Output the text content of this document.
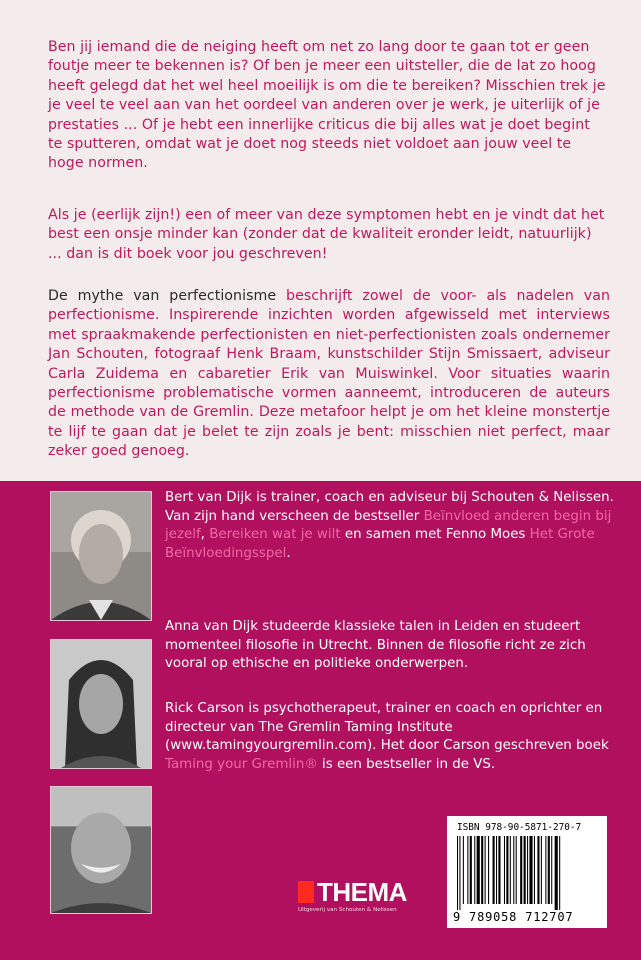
Ben jij iemand die de neiging heeft om net zo lang door te gaan tot er geen foutje meer te bekennen is? Of ben je meer een uitsteller, die de lat zo hoog heeft gelegd dat het wel heel moeilijk is om die te bereiken? Misschien trek je je veel te veel aan van het oordeel van anderen over je werk, je uiterlijk of je prestaties ... Of je hebt een innerlijke criticus die bij alles wat je doet begint te sputteren, omdat wat je doet nog steeds niet voldoet aan jouw veel te hoge normen.

Als je (eerlijk zijn!) een of meer van deze symptomen hebt en je vindt dat het best een onsje minder kan (zonder dat de kwaliteit eronder leidt, natuurlijk) ... dan is dit boek voor jou geschreven!

De mythe van perfectionisme beschrijft zowel de voor- als nadelen van perfectionisme. Inspirerende inzichten worden afgewisseld met interviews met spraakmakende perfectionisten en niet-perfectionisten zoals ondernemer Jan Schouten, fotograaf Henk Braam, kunstschilder Stijn Smissaert, adviseur Carla Zuidema en cabaretier Erik van Muiswinkel. Voor situaties waarin perfectionisme problematische vormen aanneemt, introduceren de auteurs de methode van de Gremlin. Deze metafoor helpt je om het kleine monstertje te lijf te gaan dat je belet te zijn zoals je bent: misschien niet perfect, maar zeker goed genoeg.

Bert van Dijk is trainer, coach en adviseur bij Schouten & Nelissen. Van zijn hand verscheen de bestseller Beïnvloed anderen begin bij jezelf, Bereiken wat je wilt en samen met Fenno Moes Het Grote Beïnvloedingsspel.

Anna van Dijk studeerde klassieke talen in Leiden en studeert momenteel filosofie in Utrecht. Binnen de filosofie richt ze zich vooral op ethische en politieke onderwerpen.

Rick Carson is psychotherapeut, trainer en coach en oprichter en directeur van The Gremlin Taming Institute (www.tamingyourgremlin.com). Het door Carson geschreven boek Taming your Gremlin® is een bestseller in de VS.

THEMA
Uitgeverij van Schouten & Nelissen
ISBN 978-90-5871-270-7
9 789058 712707
